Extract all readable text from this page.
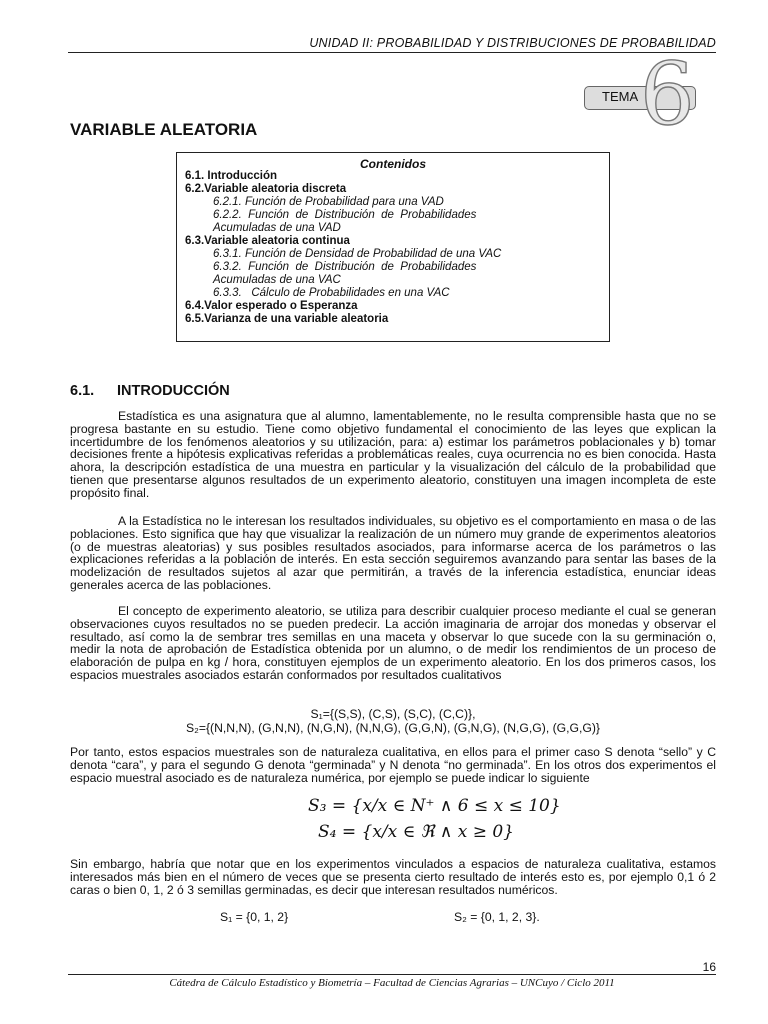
UNIDAD II: PROBABILIDAD Y DISTRIBUCIONES DE PROBABILIDAD
6
TEMA
VARIABLE ALEATORIA
Contenidos
6.1. Introducción
6.2.Variable aleatoria discreta
6.2.1. Función de Probabilidad para una VAD
6.2.2.  Función  de  Distribución  de  Probabilidades
Acumuladas de una VAD
6.3.Variable aleatoria continua
6.3.1. Función de Densidad de Probabilidad de una VAC
6.3.2.  Función  de  Distribución  de  Probabilidades
Acumuladas de una VAC
6.3.3.   Cálculo de Probabilidades en una VAC
6.4.Valor esperado o Esperanza
6.5.Varianza de una variable aleatoria
6.1. INTRODUCCIÓN
Estadística es una asignatura que al alumno, lamentablemente, no le resulta comprensible hasta que no se progresa bastante en su estudio. Tiene como objetivo fundamental el conocimiento de las leyes que explican la incertidumbre de los fenómenos aleatorios y su utilización, para: a) estimar los parámetros poblacionales y b) tomar decisiones frente a hipótesis explicativas referidas a problemáticas reales, cuya ocurrencia no es bien conocida. Hasta ahora, la descripción estadística de una muestra en particular y la visualización del cálculo de la probabilidad que tienen que presentarse algunos resultados de un experimento aleatorio, constituyen una imagen incompleta de este propósito final.
A la Estadística no le interesan los resultados individuales, su objetivo es el comportamiento en masa o de las poblaciones. Esto significa que hay que visualizar la realización de un número muy grande de experimentos aleatorios (o de muestras aleatorias) y sus posibles resultados asociados, para informarse acerca de los parámetros o las explicaciones referidas a la población de interés. En esta sección seguiremos avanzando para sentar las bases de la modelización de resultados sujetos al azar que permitirán, a través de la inferencia estadística, enunciar ideas generales acerca de las poblaciones.
El concepto de experimento aleatorio, se utiliza para describir cualquier proceso mediante el cual se generan observaciones cuyos resultados no se pueden predecir. La acción imaginaria de arrojar dos monedas y observar el resultado, así como la de sembrar tres semillas en una maceta y observar lo que sucede con la su germinación o, medir la nota de aprobación de Estadística obtenida por un alumno, o de medir los rendimientos de un proceso de elaboración de pulpa en kg / hora, constituyen ejemplos de un experimento aleatorio. En los dos primeros casos, los espacios muestrales asociados estarán conformados por resultados cualitativos
S₁={(S,S), (C,S), (S,C), (C,C)},
S₂={(N,N,N), (G,N,N), (N,G,N), (N,N,G), (G,G,N), (G,N,G), (N,G,G), (G,G,G)}
Por tanto, estos espacios muestrales son de naturaleza cualitativa, en ellos para el primer caso S denota “sello” y C denota “cara”, y para el segundo G denota “germinada” y N denota “no germinada”. En los otros dos experimentos el espacio muestral asociado es de naturaleza numérica, por ejemplo se puede indicar lo siguiente
S₃ = {x/x ∈ N⁺ ∧ 6 ≤ x ≤ 10}
S₄ = {x/x ∈ ℜ ∧ x ≥ 0}
Sin embargo, habría que notar que en los experimentos vinculados a espacios de naturaleza cualitativa, estamos interesados más bien en el número de veces que se presenta cierto resultado de interés esto es, por ejemplo 0,1 ó 2 caras o bien 0, 1, 2 ó 3 semillas germinadas, es decir que interesan resultados numéricos.
S₁ = {0, 1, 2}	S₂ = {0, 1, 2, 3}.
16
Cátedra de Cálculo Estadístico y Biometría – Facultad de Ciencias Agrarias – UNCuyo / Ciclo 2011
